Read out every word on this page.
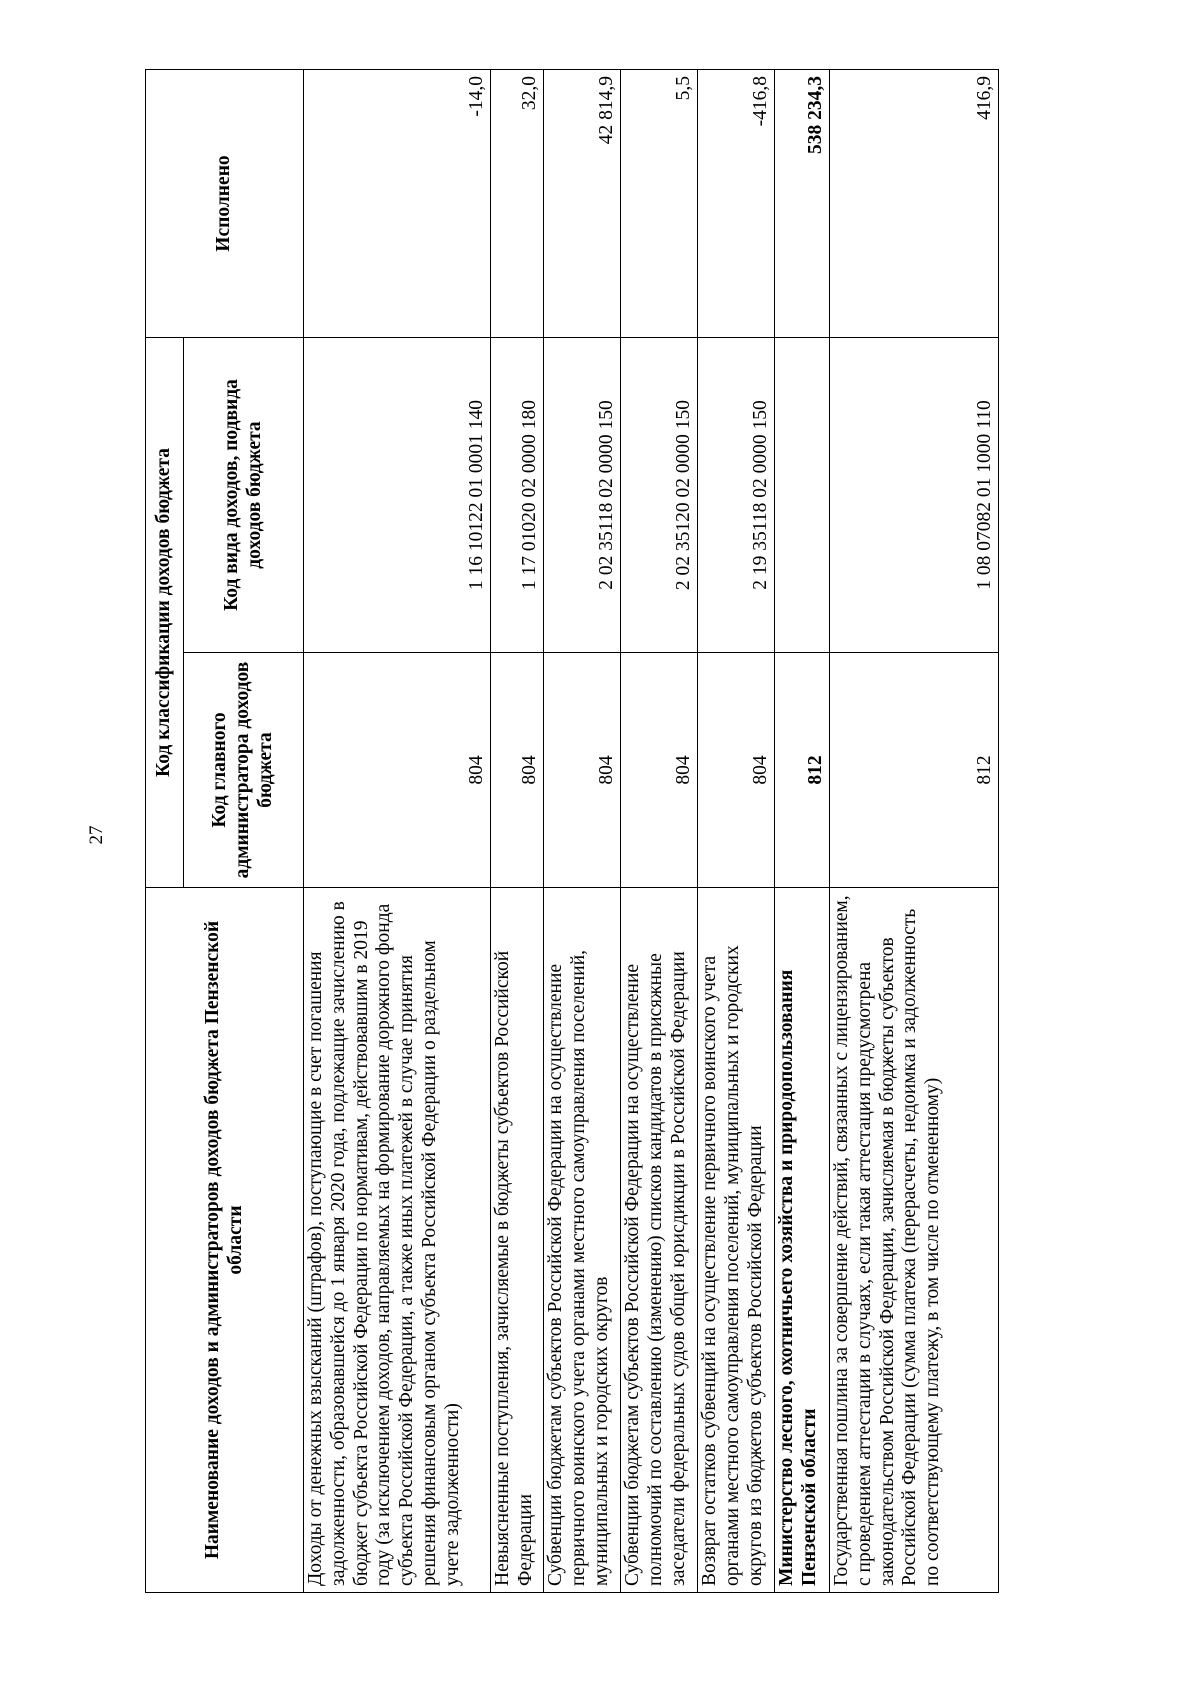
27
Наименование доходов и администраторов доходов бюджета Пензенской области	Код классификации доходов бюджета		Исполнено
	Код главного администратора доходов бюджета	Код вида доходов, подвида доходов бюджета	
Доходы от денежных взысканий (штрафов), поступающие в счет погашения задолженности, образовавшейся до 1 января 2020 года, подлежащие зачислению в бюджет субъекта Российской Федерации по нормативам, действовавшим в 2019 году (за исключением доходов, направляемых на формирование дорожного фонда субъекта Российской Федерации, а также иных платежей в случае принятия решения финансовым органом субъекта Российской Федерации о раздельном учете задолженности)	804	1 16 10122 01 0001 140	-14,0
Невыясненные поступления, зачисляемые в бюджеты субъектов Российской Федерации	804	1 17 01020 02 0000 180	32,0
Субвенции бюджетам субъектов Российской Федерации на осуществление первичного воинского учета органами местного самоуправления поселений, муниципальных и городских округов	804	2 02 35118 02 0000 150	42 814,9
Субвенции бюджетам субъектов Российской Федерации на осуществление полномочий по составлению (изменению) списков кандидатов в присяжные заседатели федеральных судов общей юрисдикции в Российской Федерации	804	2 02 35120 02 0000 150	5,5
Возврат остатков субвенций на осуществление первичного воинского учета органами местного самоуправления поселений, муниципальных и городских округов из бюджетов субъектов Российской Федерации	804	2 19 35118 02 0000 150	-416,8
Министерство лесного, охотничьего хозяйства и природопользования Пензенской области	812		538 234,3
Государственная пошлина за совершение действий, связанных с лицензированием, с проведением аттестации в случаях, если такая аттестация предусмотрена законодательством Российской Федерации, зачисляемая в бюджеты субъектов Российской Федерации (сумма платежа (перерасчеты, недоимка и задолженность по соответствующему платежу, в том числе по отмененному)	812	1 08 07082 01 1000 110	416,9
